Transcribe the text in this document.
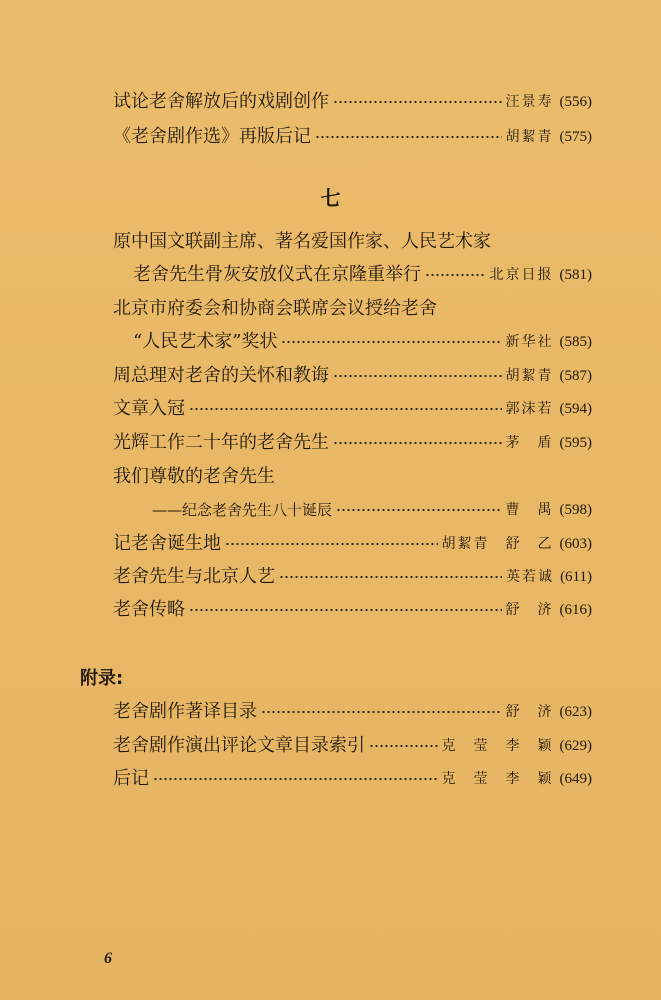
试论老舍解放后的戏剧创作	汪景寿 (556)
《老舍剧作选》再版后记	胡絜青 (575)
七
原中国文联副主席、著名爱国作家、人民艺术家
老舍先生骨灰安放仪式在京隆重举行	北京日报 (581)
北京市府委会和协商会联席会议授给老舍
“人民艺术家”奖状	新华社 (585)
周总理对老舍的关怀和教诲	胡絜青 (587)
文章入冠	郭沫若 (594)
光辉工作二十年的老舍先生	茅　盾 (595)
我们尊敬的老舍先生
——纪念老舍先生八十诞辰	曹　禺 (598)
记老舍诞生地	胡絜青　舒　乙 (603)
老舍先生与北京人艺	英若诚 (611)
老舍传略	舒　济 (616)
附录:
老舍剧作著译目录	舒　济 (623)
老舍剧作演出评论文章目录索引	克　莹　李　颖 (629)
后记	克　莹　李　颖 (649)
6
